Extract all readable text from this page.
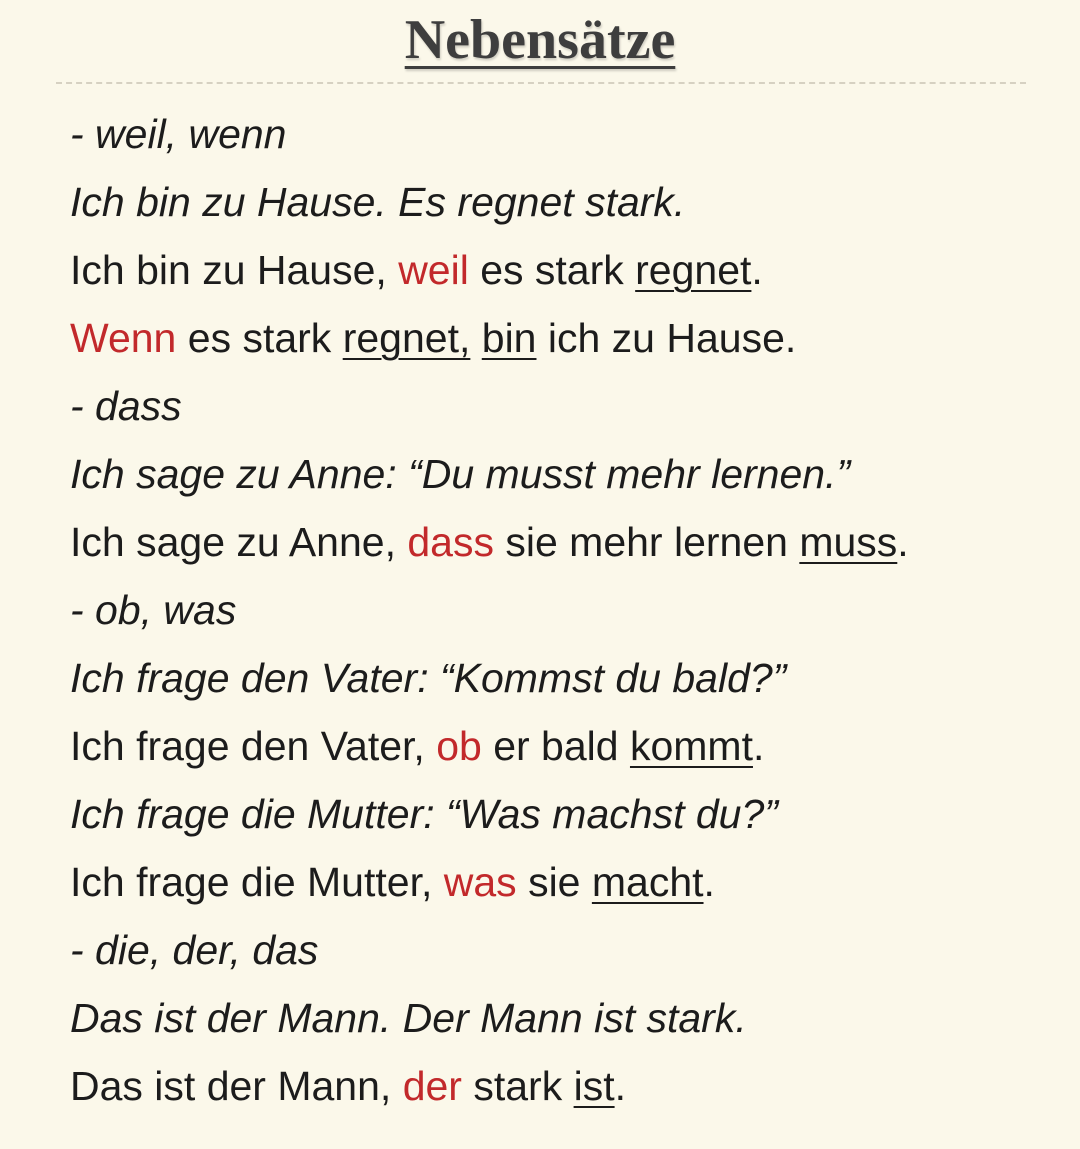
Nebensätze
- weil, wenn
Ich bin zu Hause. Es regnet stark.
Ich bin zu Hause, weil es stark regnet.
Wenn es stark regnet, bin ich zu Hause.
- dass
Ich sage zu Anne: “Du musst mehr lernen.”
Ich sage zu Anne, dass sie mehr lernen muss.
- ob, was
Ich frage den Vater: “Kommst du bald?”
Ich frage den Vater, ob er bald kommt.
Ich frage die Mutter: “Was machst du?”
Ich frage die Mutter, was sie macht.
- die, der, das
Das ist der Mann. Der Mann ist stark.
Das ist der Mann, der stark ist.
